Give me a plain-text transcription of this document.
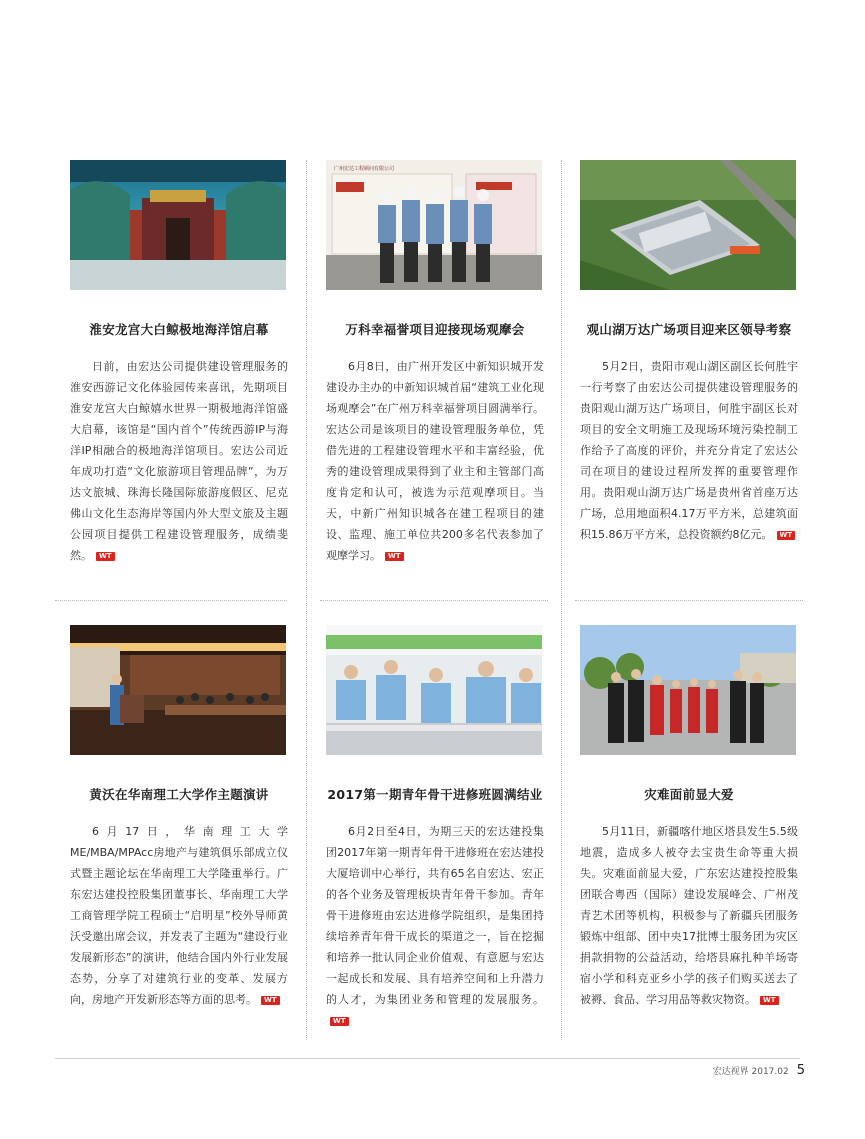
淮安龙宫大白鲸极地海洋馆启幕
日前，由宏达公司提供建设管理服务的淮安西游记文化体验园传来喜讯，先期项目淮安龙宫大白鲸嬉水世界一期极地海洋馆盛大启幕，该馆是“国内首个”传统西游IP与海洋IP相融合的极地海洋馆项目。宏达公司近年成功打造“文化旅游项目管理品牌”，为万达文旅城、珠海长隆国际旅游度假区、尼克佛山文化生态海岸等国内外大型文旅及主题公园项目提供工程建设管理服务，成绩斐然。 WT
广州宏达工程顾问有限公司
万科幸福誉项目迎接现场观摩会
6月8日，由广州开发区中新知识城开发建设办主办的中新知识城首届“建筑工业化现场观摩会”在广州万科幸福誉项目圆满举行。宏达公司是该项目的建设管理服务单位，凭借先进的工程建设管理水平和丰富经验，优秀的建设管理成果得到了业主和主管部门高度肯定和认可，被选为示范观摩项目。当天，中新广州知识城各在建工程项目的建设、监理、施工单位共200多名代表参加了观摩学习。 WT
观山湖万达广场项目迎来区领导考察
5月2日，贵阳市观山湖区副区长何胜宇一行考察了由宏达公司提供建设管理服务的贵阳观山湖万达广场项目，何胜宇副区长对项目的安全文明施工及现场环境污染控制工作给予了高度的评价，并充分肯定了宏达公司在项目的建设过程所发挥的重要管理作用。贵阳观山湖万达广场是贵州省首座万达广场，总用地面积4.17万平方米，总建筑面积15.86万平方米，总投资额约8亿元。 WT
黄沃在华南理工大学作主题演讲
6月17日，华南理工大学ME/MBA/MPAcc房地产与建筑俱乐部成立仪式暨主题论坛在华南理工大学隆重举行。广东宏达建投控股集团董事长、华南理工大学工商管理学院工程硕士“启明星”校外导师黄沃受邀出席会议，并发表了主题为“建设行业发展新形态”的演讲，他结合国内外行业发展态势，分享了对建筑行业的变革、发展方向，房地产开发新形态等方面的思考。 WT
2017第一期青年骨干进修班圆满结业
6月2日至4日，为期三天的宏达建投集团2017年第一期青年骨干进修班在宏达建投大厦培训中心举行，共有65名自宏达、宏正的各个业务及管理板块青年骨干参加。青年骨干进修班由宏达进修学院组织，是集团持续培养青年骨干成长的渠道之一，旨在挖掘和培养一批认同企业价值观、有意愿与宏达一起成长和发展、具有培养空间和上升潜力的人才，为集团业务和管理的发展服务。WT
灾难面前显大爱
5月11日，新疆喀什地区塔县发生5.5级地震，造成多人被夺去宝贵生命等重大损失。灾难面前显大爱，广东宏达建投控股集团联合粤西（国际）建设发展峰会、广州茂青艺术团等机构，积极参与了新疆兵团服务锻炼中组部、团中央17批博士服务团为灾区捐款捐物的公益活动，给塔县麻扎种羊场寄宿小学和科克亚乡小学的孩子们购买送去了被褥、食品、学习用品等救灾物资。 WT
宏达视界 2017.02 5
